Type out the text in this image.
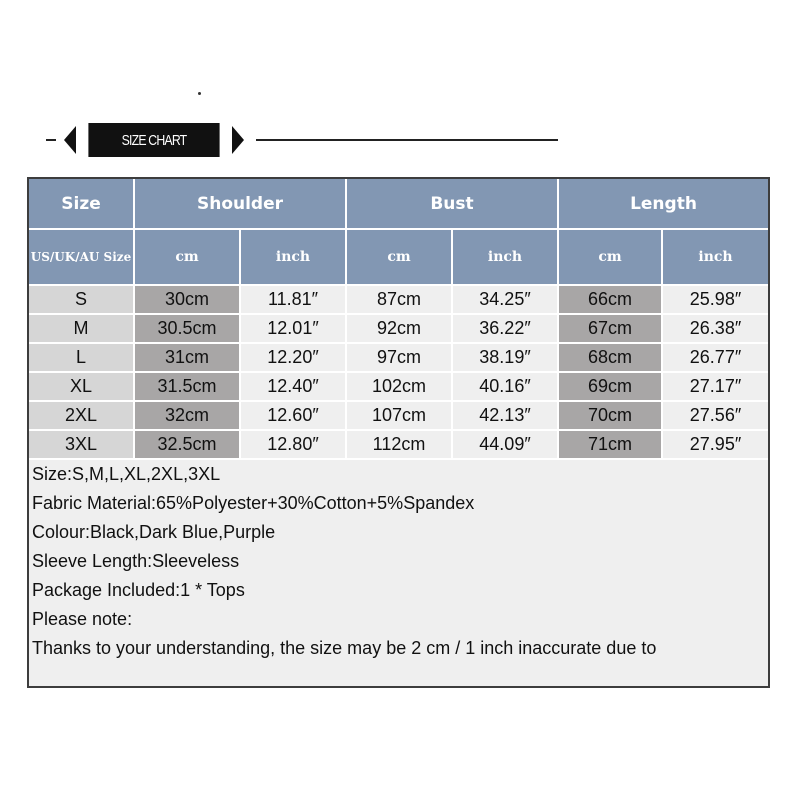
SIZE CHART
Size	Shoulder	Bust	Length
US/UK/AU Size	cm	inch	cm	inch	cm	inch
S	30cm	11.81″	87cm	34.25″	66cm	25.98″
M	30.5cm	12.01″	92cm	36.22″	67cm	26.38″
L	31cm	12.20″	97cm	38.19″	68cm	26.77″
XL	31.5cm	12.40″	102cm	40.16″	69cm	27.17″
2XL	32cm	12.60″	107cm	42.13″	70cm	27.56″
3XL	32.5cm	12.80″	112cm	44.09″	71cm	27.95″
Size:S,M,L,XL,2XL,3XL
Fabric Material:65%Polyester+30%Cotton+5%Spandex
Colour:Black,Dark Blue,Purple
Sleeve Length:Sleeveless
Package Included:1 * Tops
Please note:
Thanks to your understanding, the size may be 2 cm / 1 inch inaccurate due to
